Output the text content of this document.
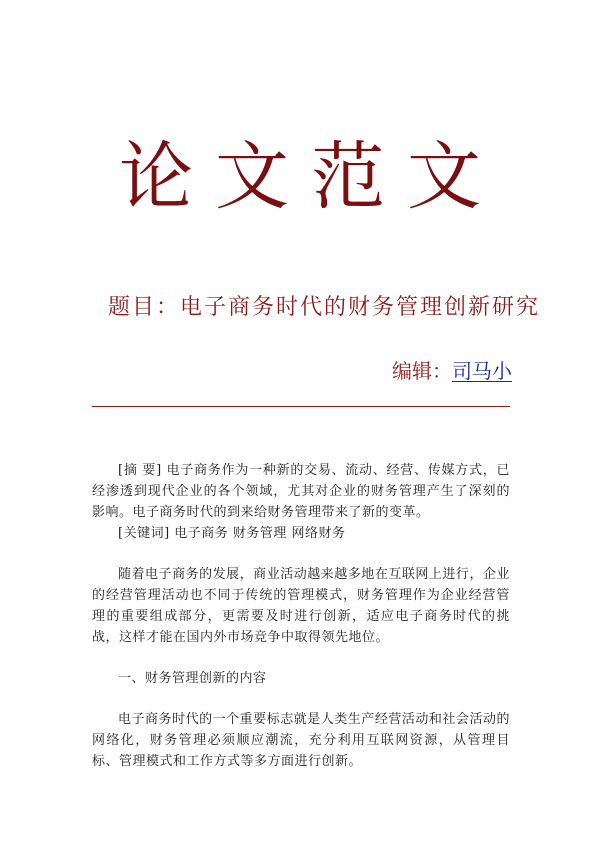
论文范文
题目：电子商务时代的财务管理创新研究
编辑：司马小

[摘 要] 电子商务作为一种新的交易、流动、经营、传媒方式，已经渗透到现代企业的各个领域，尤其对企业的财务管理产生了深刻的影响。电子商务时代的到来给财务管理带来了新的变革。

[关键词] 电子商务 财务管理 网络财务

随着电子商务的发展，商业活动越来越多地在互联网上进行，企业的经营管理活动也不同于传统的管理模式，财务管理作为企业经营管理的重要组成部分，更需要及时进行创新，适应电子商务时代的挑战，这样才能在国内外市场竞争中取得领先地位。

一、财务管理创新的内容

电子商务时代的一个重要标志就是人类生产经营活动和社会活动的网络化，财务管理必须顺应潮流，充分利用互联网资源，从管理目标、管理模式和工作方式等多方面进行创新。
